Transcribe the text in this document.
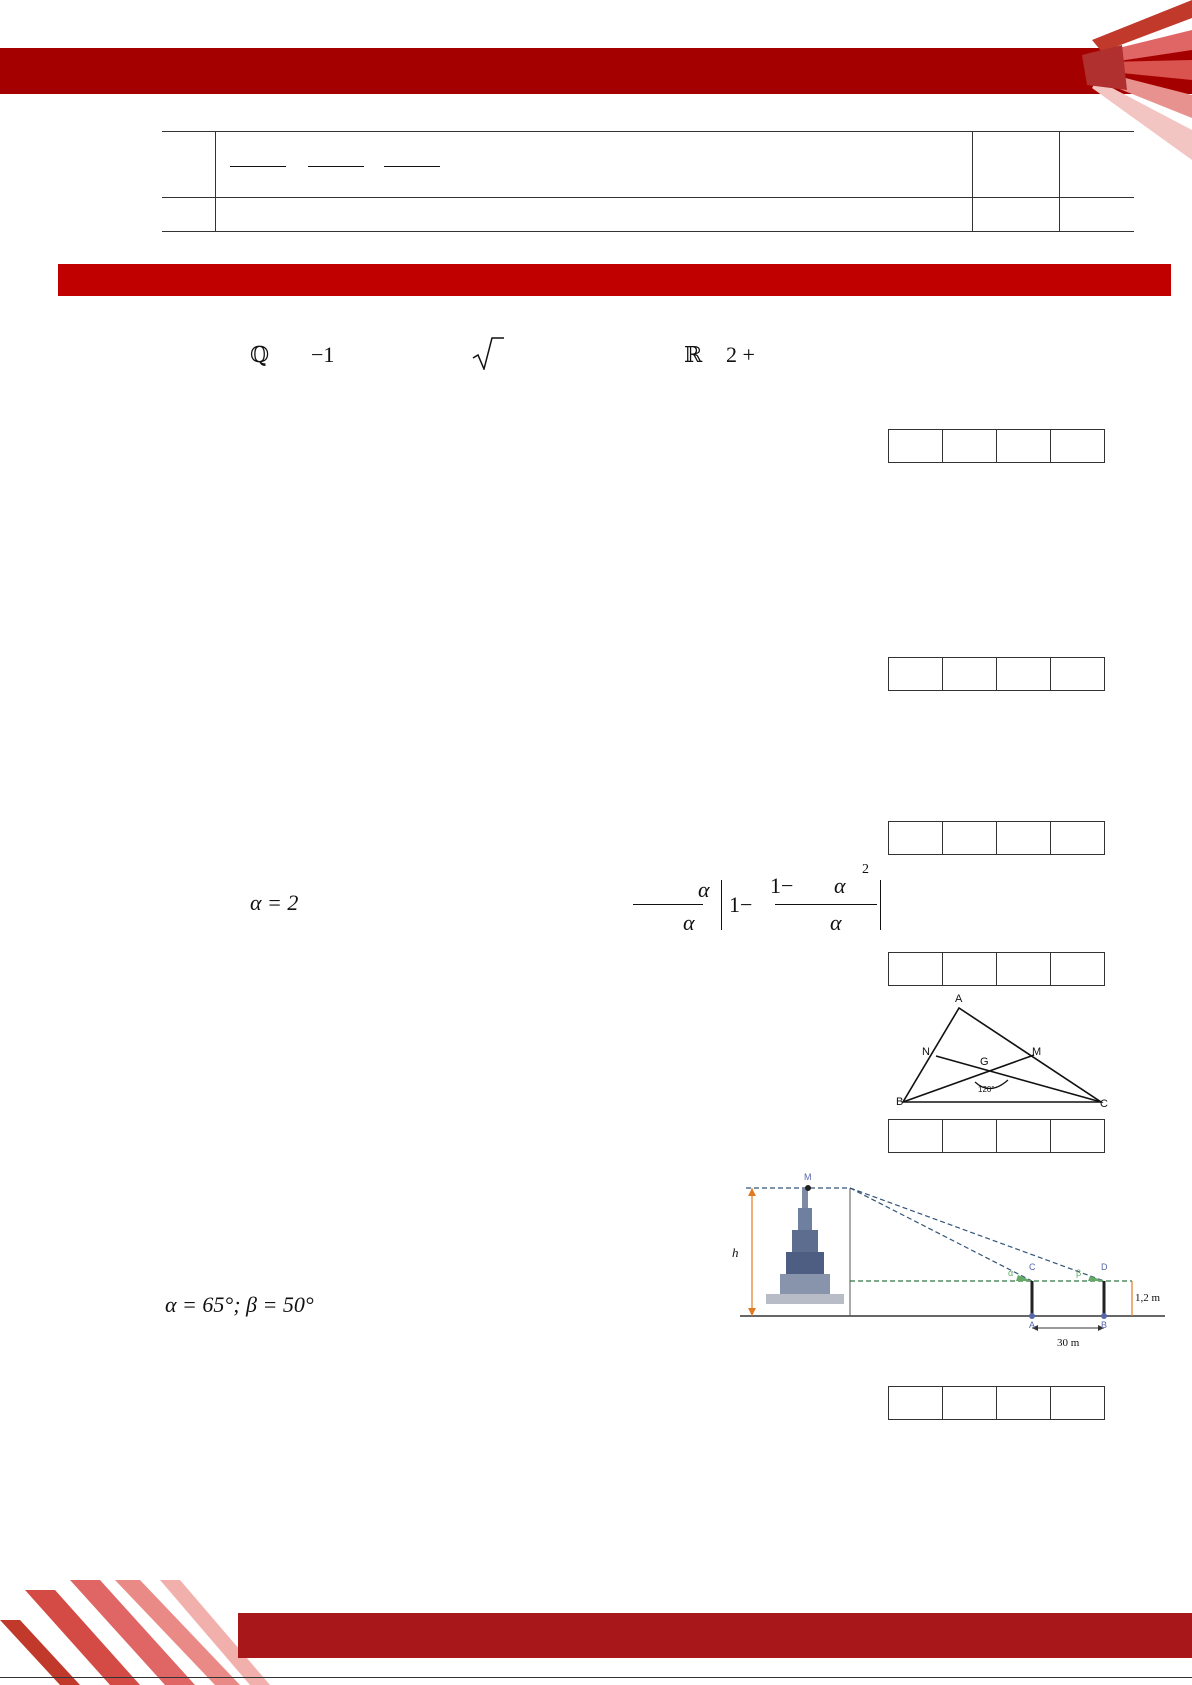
ℚ −1	ℝ 2 +
α = 2
α
α
1−
1− α
2
α
A
B	C
M
N
G
120°
α = 65°; β = 50°
M
h
C	D
A	B
α	β
1,2 m
30 m
